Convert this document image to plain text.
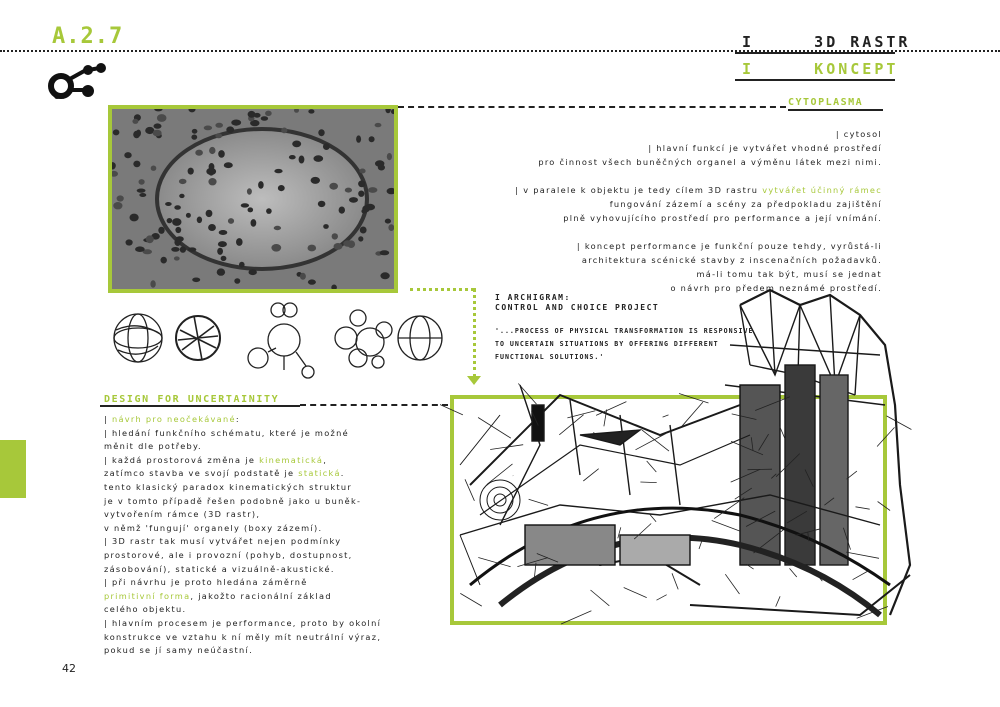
A.2.7	I     3D RASTR
I     KONCEPT
CYTOPLASMA

| cytosol
| hlavní funkcí je vytvářet vhodné prostředí
pro činnost všech buněčných organel a výměnu látek mezi nimi.

| v paralele k objektu je tedy cílem 3D rastru vytvářet účinný rámec
fungování zázemí a scény za předpokladu zajištění
plně vyhovujícího prostředí pro performance a její vnímání.

| koncept performance je funkční pouze tehdy, vyrůstá-li
architektura scénické stavby z inscenačních požadavků.
má-li tomu tak být, musí se jednat
o návrh pro předem neznámé prostředí.

I ARCHIGRAM:
CONTROL AND CHOICE PROJECT
'...PROCESS OF PHYSICAL TRANSFORMATION IS RESPONSIVE TO UNCERTAIN SITUATIONS BY OFFERING DIFFERENT FUNCTIONAL SOLUTIONS.'
DESIGN FOR UNCERTAINITY
| návrh pro neočekávané:
| hledání funkčního schématu, které je možné
měnit dle potřeby.
| každá prostorová změna je kinematická,
zatímco stavba ve svojí podstatě je statická.
tento klasický paradox kinematických struktur
je v tomto případě řešen podobně jako u buněk-
vytvořením rámce (3D rastr),
v němž 'fungují' organely (boxy zázemí).
| 3D rastr tak musí vytvářet nejen podmínky
prostorové, ale i provozní (pohyb, dostupnost,
zásobování), statické a vizuálně-akustické.
| při návrhu je proto hledána záměrně
primitivní forma, jakožto racionální základ
celého objektu.
| hlavním procesem je performance, proto by okolní
konstrukce ve vztahu k ní měly mít neutrální výraz,
pokud se jí samy neúčastní.
42
